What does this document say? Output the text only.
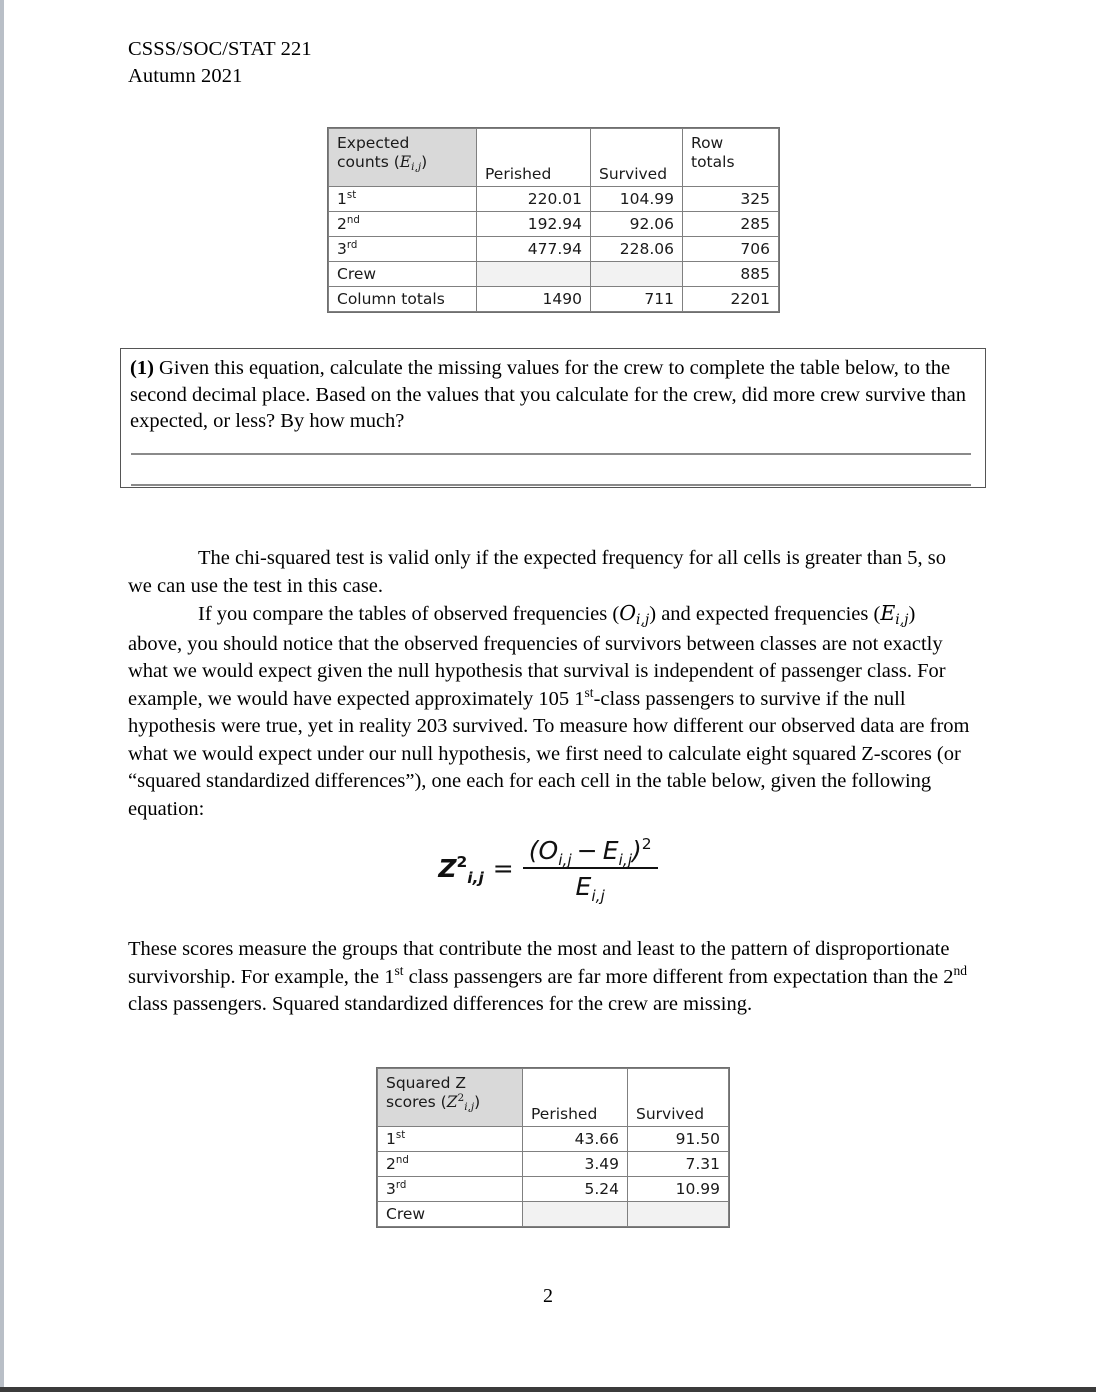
CSSS/SOC/STAT 221
Autumn 2021
Expected
counts $(E_{i,j})$	Perished	Survived	Row
totals
1st	220.01	104.99	325
2nd	192.94	92.06	285
3rd	477.94	228.06	706
Crew			885
Column totals	1490	711	2201
(1) Given this equation, calculate the missing values for the crew to complete the table below, to the second decimal place. Based on the values that you calculate for the crew, did more crew survive than expected, or less? By how much?
The chi-squared test is valid only if the expected frequency for all cells is greater than 5, so we can use the test in this case.
If you compare the tables of observed frequencies $(O_{i,j})$ and expected frequencies $(E_{i,j})$ above, you should notice that the observed frequencies of survivors between classes are not exactly what we would expect given the null hypothesis that survival is independent of passenger class. For example, we would have expected approximately 105 1st-class passengers to survive if the null hypothesis were true, yet in reality 203 survived. To measure how different our observed data are from what we would expect under our null hypothesis, we first need to calculate eight squared Z-scores (or “squared standardized differences”), one each for each cell in the table below, given the following equation:
$Z^2_{i,j} = \frac{(O_{i,j} - E_{i,j})^2}{E_{i,j}}$
These scores measure the groups that contribute the most and least to the pattern of disproportionate survivorship. For example, the 1st class passengers are far more different from expectation than the 2nd class passengers. Squared standardized differences for the crew are missing.
Squared Z
scores $(Z^2_{i,j})$	Perished	Survived
1st	43.66	91.50
2nd	3.49	7.31
3rd	5.24	10.99
Crew		
2
